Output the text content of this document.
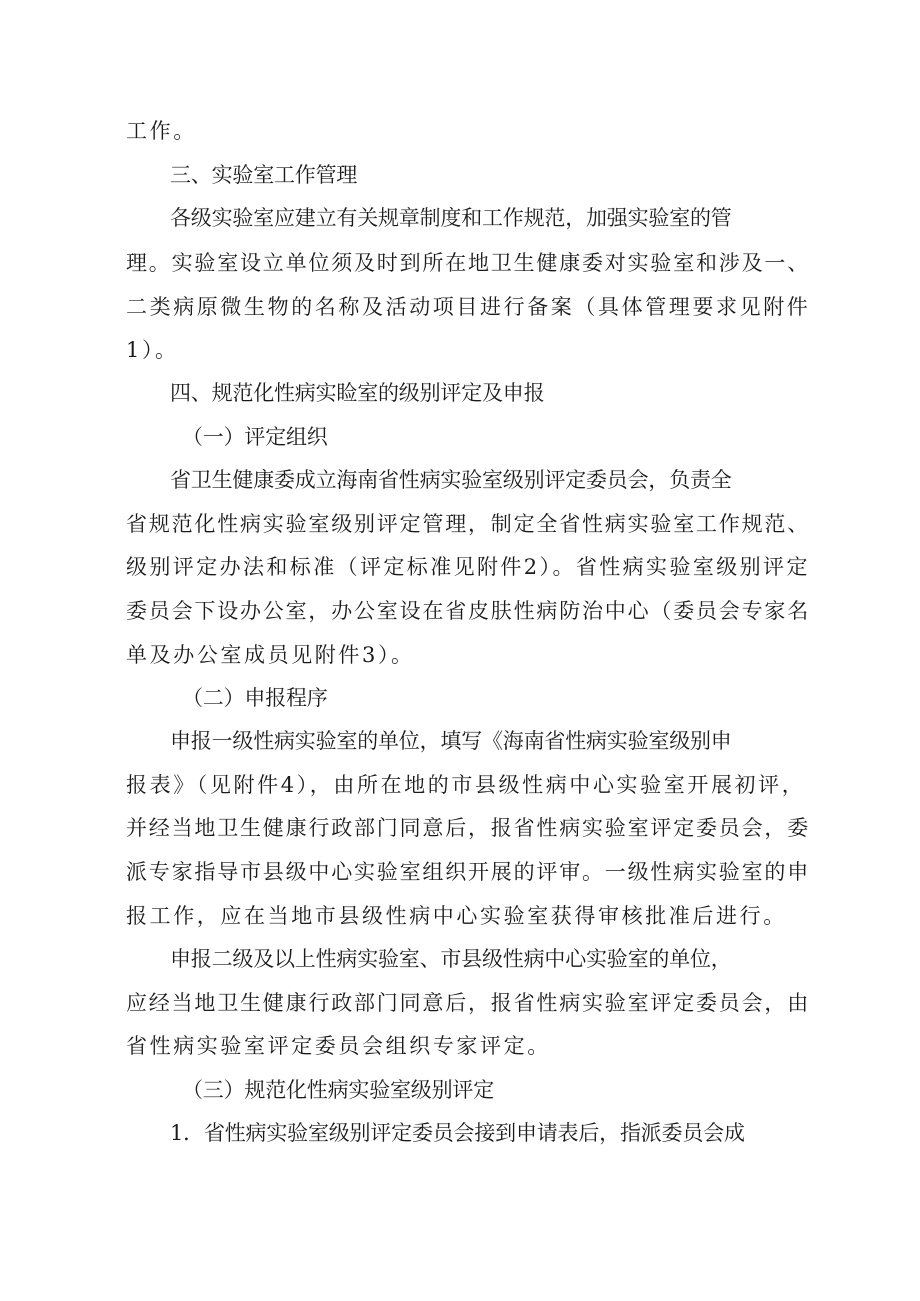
工作。
三、实验室工作管理
各级实验室应建立有关规章制度和工作规范，加强实验室的管
理。实验室设立单位须及时到所在地卫生健康委对实验室和涉及一、
二类病原微生物的名称及活动项目进行备案（具体管理要求见附件
1）。
四、规范化性病实睑室的级别评定及申报
（一）评定组织
省卫生健康委成立海南省性病实验室级别评定委员会，负责全
省规范化性病实验室级别评定管理，制定全省性病实验室工作规范、
级别评定办法和标准（评定标准见附件2）。省性病实验室级别评定
委员会下设办公室，办公室设在省皮肤性病防治中心（委员会专家名
单及办公室成员见附件3）。
（二）申报程序
申报一级性病实验室的单位，填写《海南省性病实验室级别申
报表》（见附件4），由所在地的市县级性病中心实验室开展初评，
并经当地卫生健康行政部门同意后，报省性病实验室评定委员会，委
派专家指导市县级中心实验室组织开展的评审。一级性病实验室的申
报工作，应在当地市县级性病中心实验室获得审核批准后进行。
申报二级及以上性病实验室、市县级性病中心实验室的单位，
应经当地卫生健康行政部门同意后，报省性病实验室评定委员会，由
省性病实验室评定委员会组织专家评定。
（三）规范化性病实验室级别评定
1．省性病实验室级别评定委员会接到申请表后，指派委员会成
